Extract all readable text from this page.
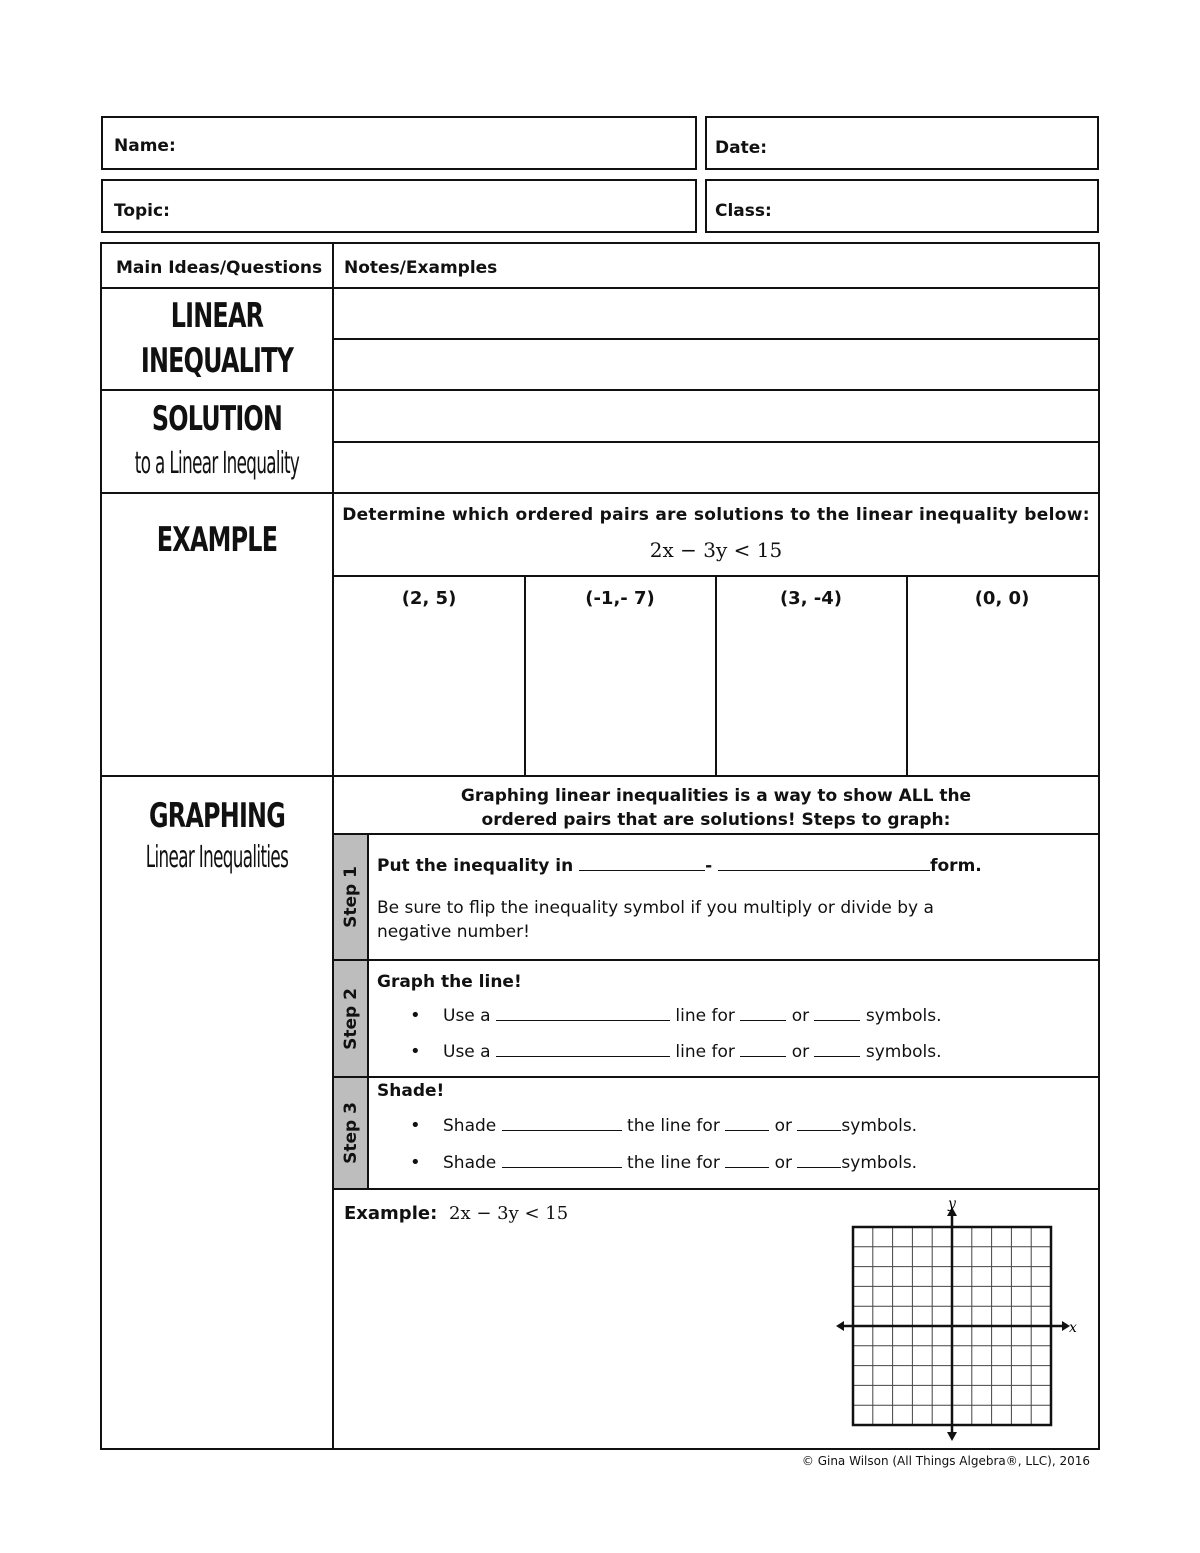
Name:	Date:
Topic:	Class:
Main Ideas/Questions Notes/Examples
LINEAR
INEQUALITY
SOLUTION
to a Linear Inequality
EXAMPLE
Determine which ordered pairs are solutions to the linear inequality below:
2x − 3y < 15
(2, 5)	(-1,- 7)	(3, -4)	(0, 0)
GRAPHING
Linear Inequalities
Graphing linear inequalities is a way to show ALL the
ordered pairs that are solutions! Steps to graph:
Step 1
Put the inequality in	-	form.
Be sure to flip the inequality symbol if you multiply or divide by a
negative number!
Step 2
Graph the line!
• Use a	line for	or	symbols.
• Use a	line for	or	symbols.
Step 3
Shade!
• Shade	the line for	or	symbols.
• Shade	the line for	or	symbols.
Example: 2x − 3y < 15
x
y
© Gina Wilson (All Things Algebra®, LLC), 2016
